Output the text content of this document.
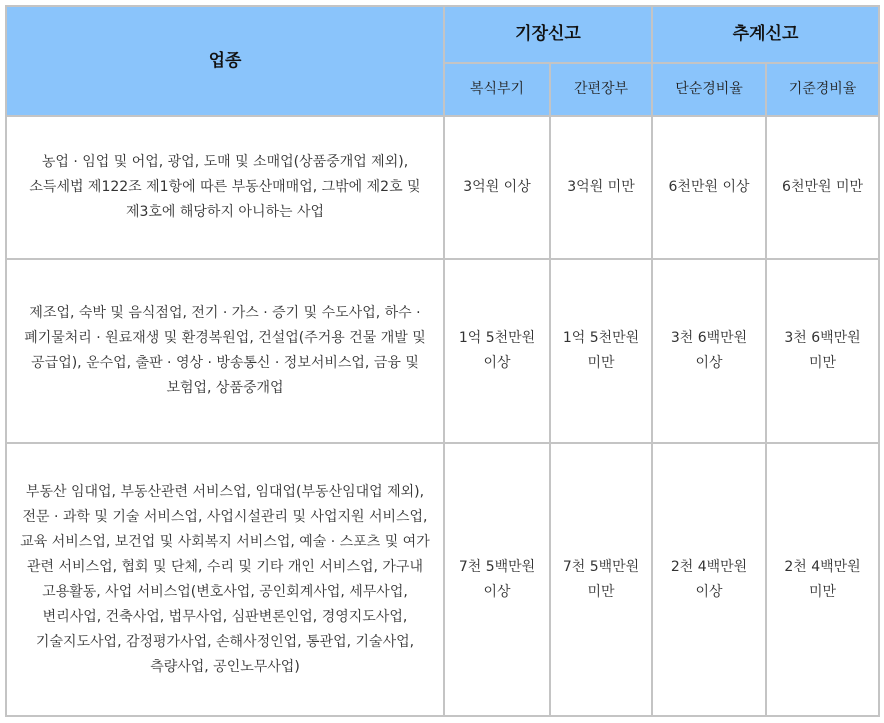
업종	기장신고		추계신고	
	복식부기	간편장부	단순경비율	기준경비율
농업 · 임업 및 어업, 광업, 도매 및 소매업(상품중개업 제외), 소득세법 제122조 제1항에 따른 부동산매매업, 그밖에 제2호 및 제3호에 해당하지 아니하는 사업	3억원 이상	3억원 미만	6천만원 이상	6천만원 미만
제조업, 숙박 및 음식점업, 전기 · 가스 · 증기 및 수도사업, 하수 · 폐기물처리 · 원료재생 및 환경복원업, 건설업(주거용 건물 개발 및 공급업), 운수업, 출판 · 영상 · 방송통신 · 정보서비스업, 금융 및 보험업, 상품중개업	1억 5천만원 이상	1억 5천만원 미만	3천 6백만원 이상	3천 6백만원 미만
부동산 임대업, 부동산관련 서비스업, 임대업(부동산임대업 제외), 전문 · 과학 및 기술 서비스업, 사업시설관리 및 사업지원 서비스업, 교육 서비스업, 보건업 및 사회복지 서비스업, 예술 · 스포츠 및 여가 관련 서비스업, 협회 및 단체, 수리 및 기타 개인 서비스업, 가구내 고용활동, 사업 서비스업(변호사업, 공인회계사업, 세무사업, 변리사업, 건축사업, 법무사업, 심판변론인업, 경영지도사업, 기술지도사업, 감정평가사업, 손해사정인업, 통관업, 기술사업, 측량사업, 공인노무사업)	7천 5백만원 이상	7천 5백만원 미만	2천 4백만원 이상	2천 4백만원 미만
